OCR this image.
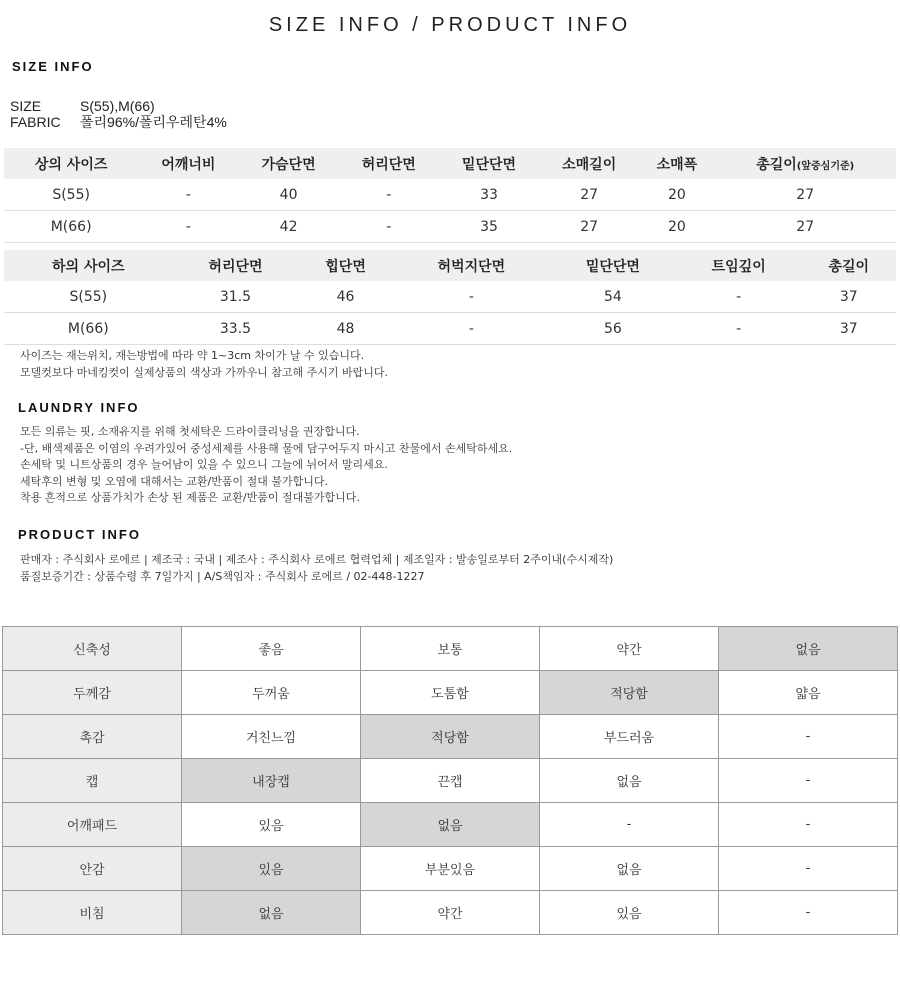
SIZE INFO / PRODUCT INFO
SIZE INFO
SIZE	S(55),M(66)
FABRIC 폴리96%/폴리우레탄4%
상의 사이즈	어깨너비	가슴단면	허리단면	밑단단면	소매길이	소매폭	총길이(앞중심기준)
S(55)	-	40	-	33	27	20	27
M(66)	-	42	-	35	27	20	27
하의 사이즈	허리단면	힙단면	허벅지단면	밑단단면	트임깊이	총길이
S(55)	31.5	46	-	54	-	37
M(66)	33.5	48	-	56	-	37
사이즈는 재는위치, 재는방법에 따라 약 1~3cm 차이가 날 수 있습니다.
모델컷보다 마네킹컷이 실제상품의 색상과 가까우니 참고해 주시기 바랍니다.
LAUNDRY INFO
모든 의류는 핏, 소재유지를 위해 첫세탁은 드라이클리닝을 권장합니다.
-단, 배색제품은 이염의 우려가있어 중성세제를 사용해 물에 담구어두지 마시고 찬물에서 손세탁하세요.
손세탁 및 니트상품의 경우 늘어남이 있을 수 있으니 그늘에 뉘어서 말리세요.
세탁후의 변형 및 오염에 대해서는 교환/반품이 절대 불가합니다.
착용 흔적으로 상품가치가 손상 된 제품은 교환/반품이 절대불가합니다.
PRODUCT INFO
판매자 : 주식회사 로에르 | 제조국 : 국내 | 제조사 : 주식회사 로에르 협력업체 | 제조일자 : 발송일로부터 2주이내(수시제작)
품질보증기간 : 상품수령 후 7일가지 | A/S책임자 : 주식회사 로에르 / 02-448-1227
신축성	좋음	보통	약간	없음
두께감	두꺼움	도톰함	적당함	얇음
촉감	거친느낌	적당함	부드러움	-
캡	내장캡	끈캡	없음	-
어깨패드	있음	없음	-	-
안감	있음	부분있음	없음	-
비침	없음	약간	있음	-
